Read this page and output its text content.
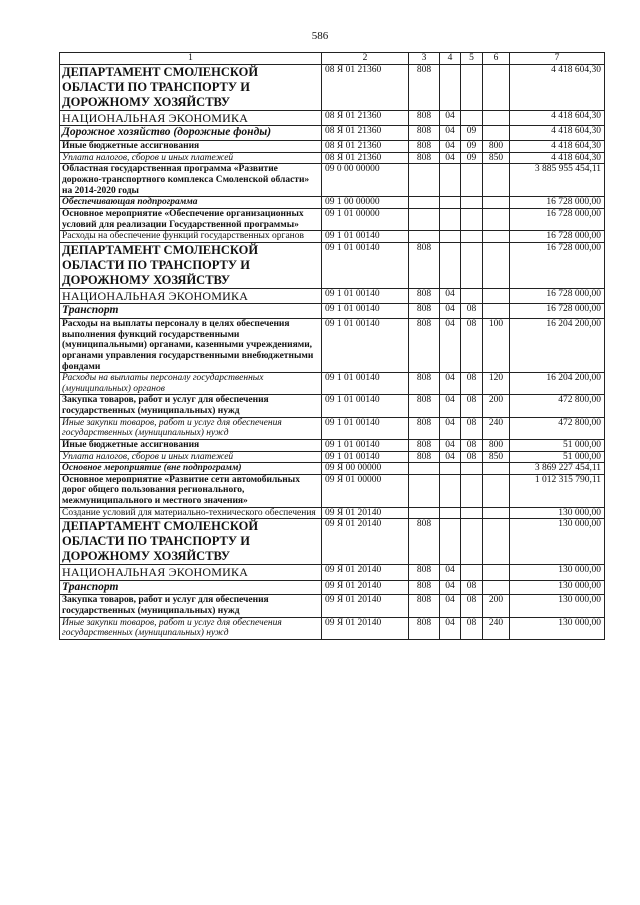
586
1	2	3	4	5	6	7
ДЕПАРТАМЕНТ СМОЛЕНСКОЙ ОБЛАСТИ ПО ТРАНСПОРТУ И ДОРОЖНОМУ ХОЗЯЙСТВУ	08 Я 01 21360	808				4 418 604,30
НАЦИОНАЛЬНАЯ ЭКОНОМИКА	08 Я 01 21360	808	04			4 418 604,30
Дорожное хозяйство (дорожные фонды)	08 Я 01 21360	808	04	09		4 418 604,30
Иные бюджетные ассигнования	08 Я 01 21360	808	04	09	800	4 418 604,30
Уплата налогов, сборов и иных платежей	08 Я 01 21360	808	04	09	850	4 418 604,30
Областная государственная программа «Развитие дорожно-транспортного комплекса Смоленской области» на 2014-2020 годы	09 0 00 00000					3 885 955 454,11
Обеспечивающая подпрограмма	09 1 00 00000					16 728 000,00
Основное мероприятие «Обеспечение организационных условий для реализации Государственной программы»	09 1 01 00000					16 728 000,00
Расходы на обеспечение функций государственных органов	09 1 01 00140					16 728 000,00
ДЕПАРТАМЕНТ СМОЛЕНСКОЙ ОБЛАСТИ ПО ТРАНСПОРТУ И ДОРОЖНОМУ ХОЗЯЙСТВУ	09 1 01 00140	808				16 728 000,00
НАЦИОНАЛЬНАЯ ЭКОНОМИКА	09 1 01 00140	808	04			16 728 000,00
Транспорт	09 1 01 00140	808	04	08		16 728 000,00
Расходы на выплаты персоналу в целях обеспечения выполнения функций государственными (муниципальными) органами, казенными учреждениями, органами управления государственными внебюджетными фондами	09 1 01 00140	808	04	08	100	16 204 200,00
Расходы на выплаты персоналу государственных (муниципальных) органов	09 1 01 00140	808	04	08	120	16 204 200,00
Закупка товаров, работ и услуг для обеспечения государственных (муниципальных) нужд	09 1 01 00140	808	04	08	200	472 800,00
Иные закупки товаров, работ и услуг для обеспечения государственных (муниципальных) нужд	09 1 01 00140	808	04	08	240	472 800,00
Иные бюджетные ассигнования	09 1 01 00140	808	04	08	800	51 000,00
Уплата налогов, сборов и иных платежей	09 1 01 00140	808	04	08	850	51 000,00
Основное мероприятие (вне подпрограмм)	09 Я 00 00000					3 869 227 454,11
Основное мероприятие «Развитие сети автомобильных дорог общего пользования регионального, межмуниципального и местного значения»	09 Я 01 00000					1 012 315 790,11
Создание условий для материально-технического обеспечения	09 Я 01 20140					130 000,00
ДЕПАРТАМЕНТ СМОЛЕНСКОЙ ОБЛАСТИ ПО ТРАНСПОРТУ И ДОРОЖНОМУ ХОЗЯЙСТВУ	09 Я 01 20140	808				130 000,00
НАЦИОНАЛЬНАЯ ЭКОНОМИКА	09 Я 01 20140	808	04			130 000,00
Транспорт	09 Я 01 20140	808	04	08		130 000,00
Закупка товаров, работ и услуг для обеспечения государственных (муниципальных) нужд	09 Я 01 20140	808	04	08	200	130 000,00
Иные закупки товаров, работ и услуг для обеспечения государственных (муниципальных) нужд	09 Я 01 20140	808	04	08	240	130 000,00
